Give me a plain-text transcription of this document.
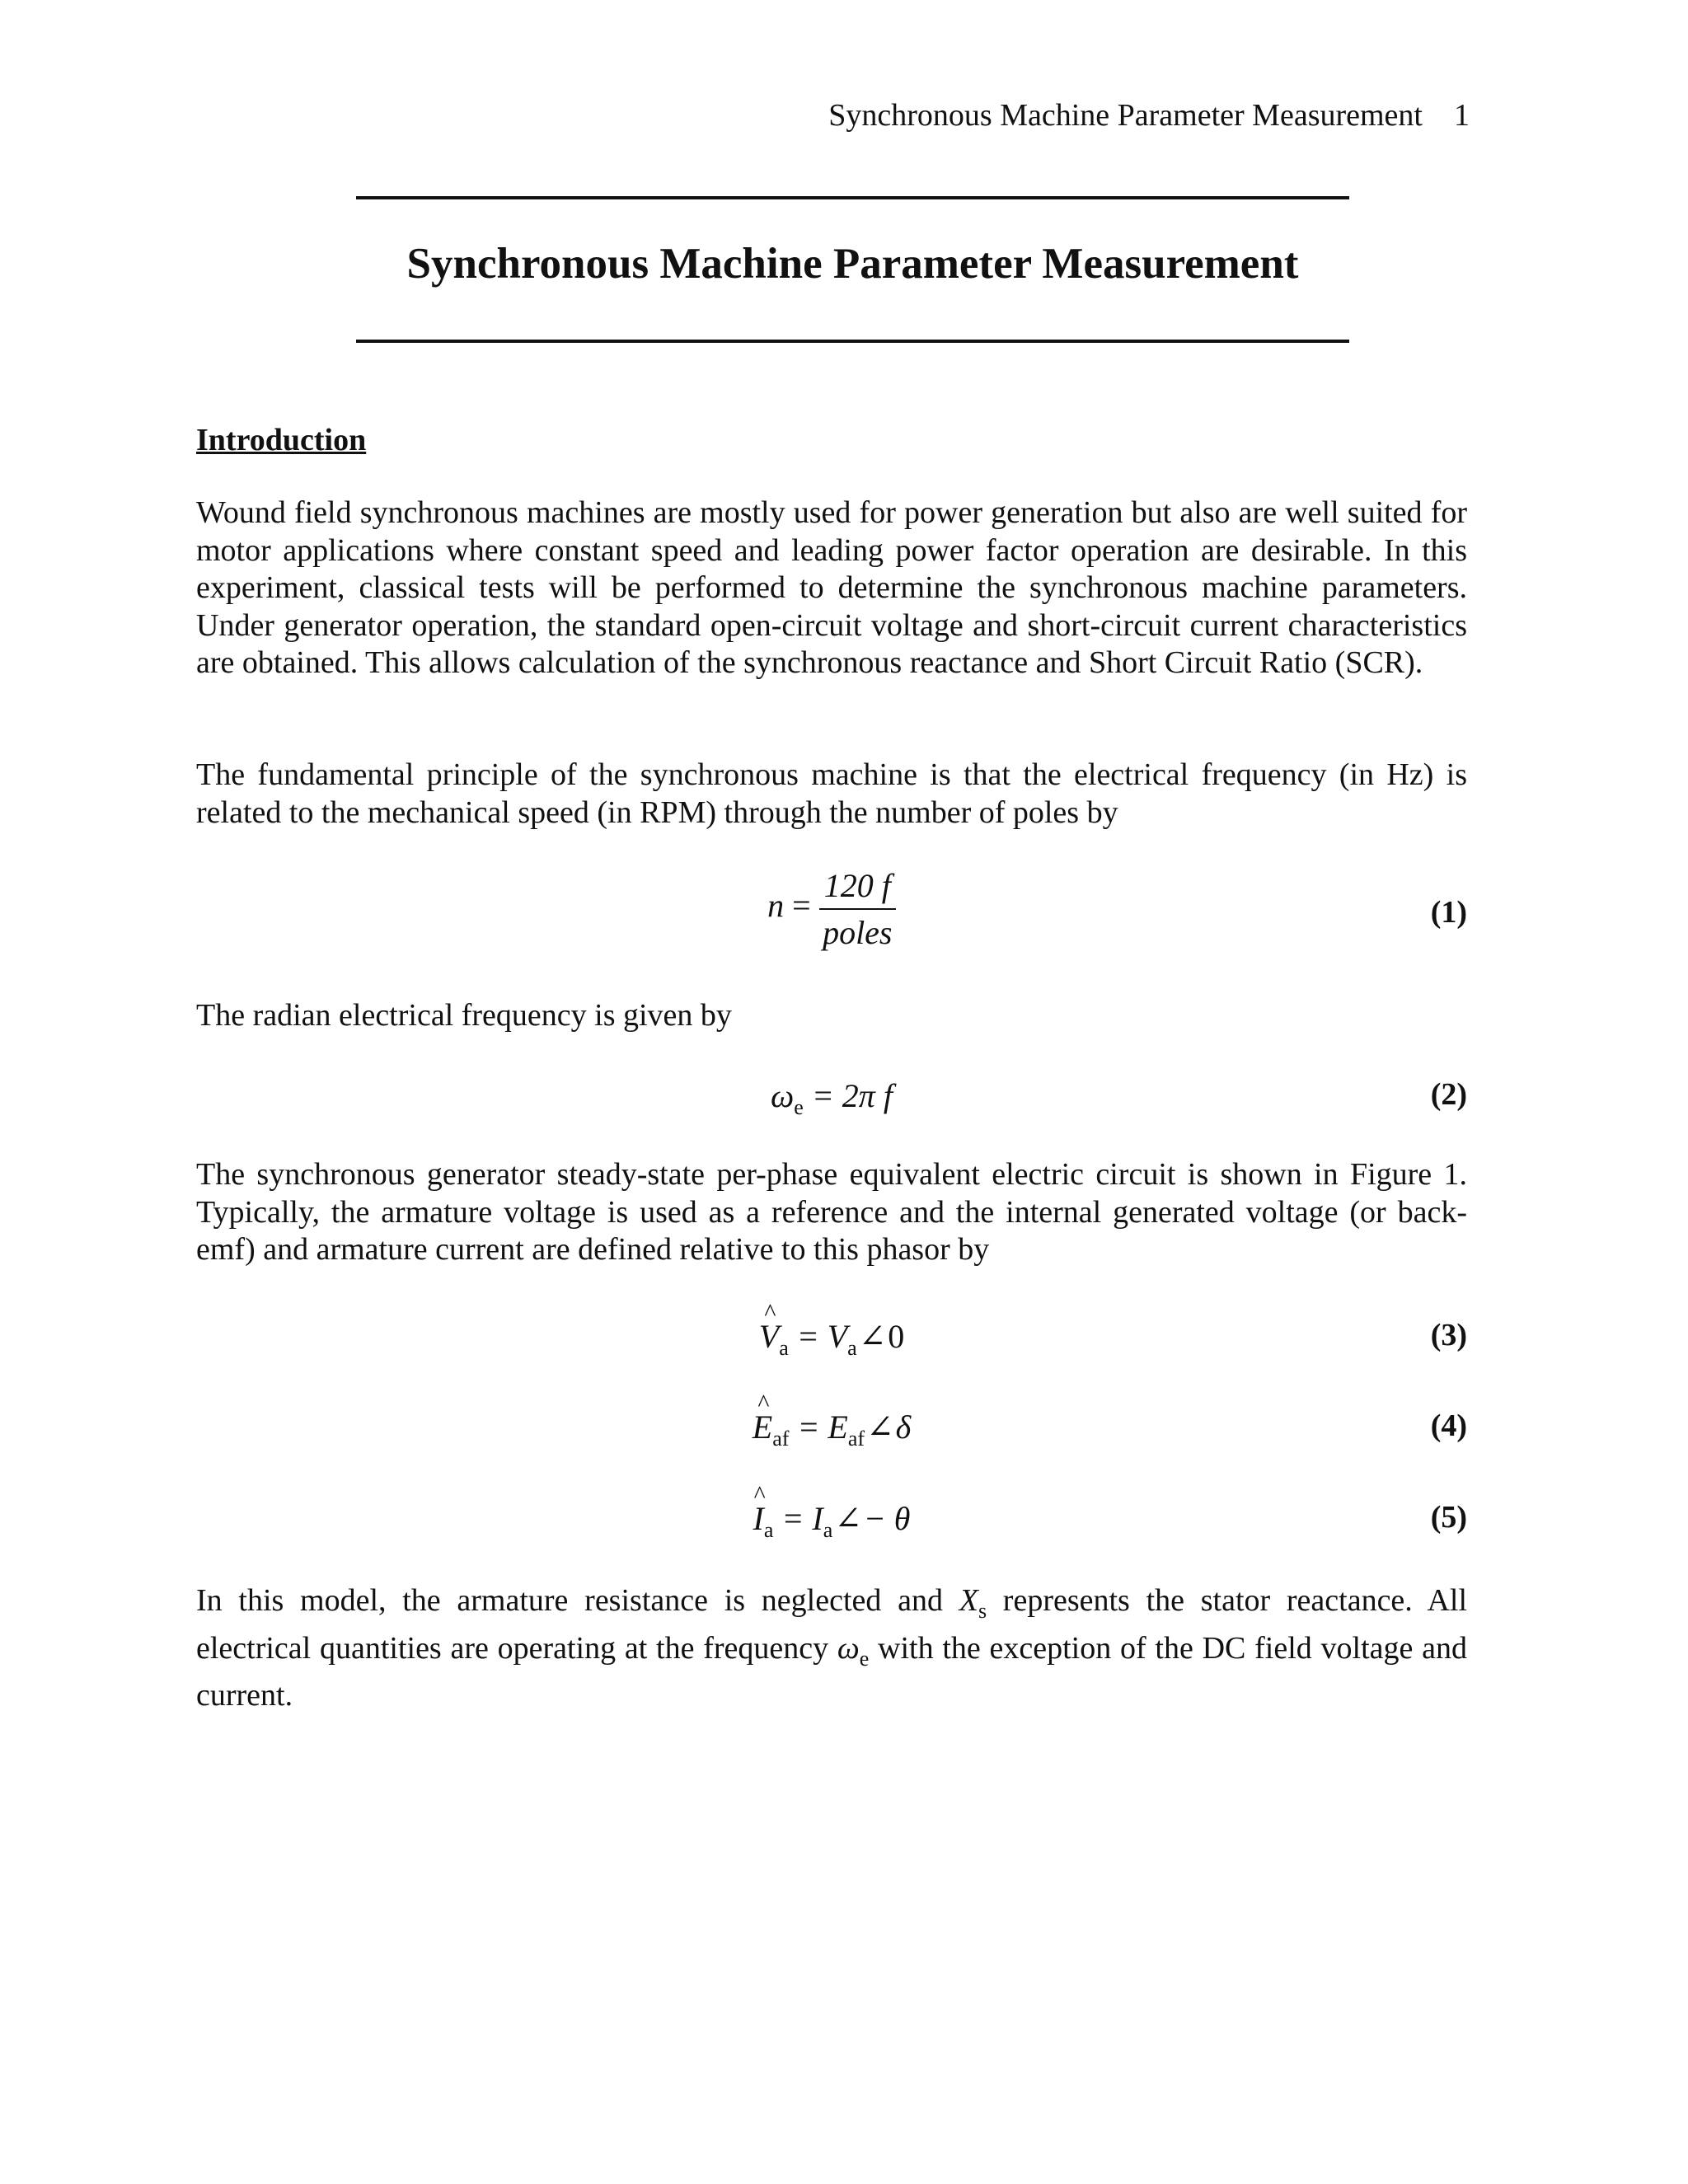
Synchronous Machine Parameter Measurement 1
Synchronous Machine Parameter Measurement
Introduction

Wound field synchronous machines are mostly used for power generation but also are well suited for motor applications where constant speed and leading power factor operation are desirable. In this experiment, classical tests will be performed to determine the synchronous machine parameters. Under generator operation, the standard open-circuit voltage and short-circuit current characteristics are obtained. This allows calculation of the synchronous reactance and Short Circuit Ratio (SCR).

The fundamental principle of the synchronous machine is that the electrical frequency (in Hz) is related to the mechanical speed (in RPM) through the number of poles by

$n = \frac{120 f}{\text{poles}}$	(1)

The radian electrical frequency is given by

$\omega_e = 2\pi$ f	(2)

The synchronous generator steady-state per-phase equivalent electric circuit is shown in Figure 1. Typically, the armature voltage is used as a reference and the internal generated voltage (or back-emf) and armature current are defined relative to this phasor by

^ $V_a$ = $V_a\angle 0$	(3)
^ $E_{af}$ = $E_{af}\angle\delta$	(4)
^ $I_a$ = $I_a\angle- \theta$	(5)

In this model, the armature resistance is neglected and $X_s$ represents the stator reactance. All electrical quantities are operating at the frequency $\omega_e$ with the exception of the DC field voltage and current.
